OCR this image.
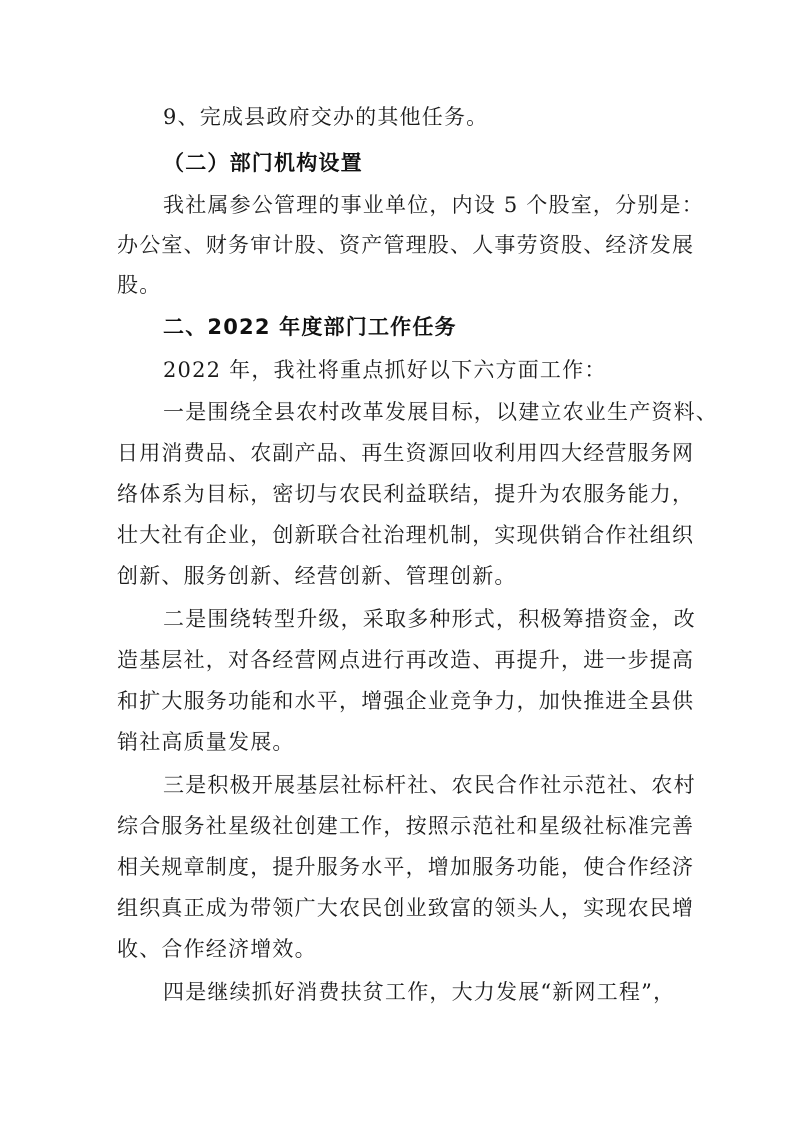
9、完成县政府交办的其他任务。
（二）部门机构设置
我社属参公管理的事业单位，内设 5 个股室，分别是：
办公室、财务审计股、资产管理股、人事劳资股、经济发展
股。
二、2022 年度部门工作任务
2022 年，我社将重点抓好以下六方面工作：
一是围绕全县农村改革发展目标，以建立农业生产资料、
日用消费品、农副产品、再生资源回收利用四大经营服务网
络体系为目标，密切与农民利益联结，提升为农服务能力，
壮大社有企业，创新联合社治理机制，实现供销合作社组织
创新、服务创新、经营创新、管理创新。
二是围绕转型升级，采取多种形式，积极筹措资金，改
造基层社，对各经营网点进行再改造、再提升，进一步提高
和扩大服务功能和水平，增强企业竞争力，加快推进全县供
销社高质量发展。
三是积极开展基层社标杆社、农民合作社示范社、农村
综合服务社星级社创建工作，按照示范社和星级社标准完善
相关规章制度，提升服务水平，增加服务功能，使合作经济
组织真正成为带领广大农民创业致富的领头人，实现农民增
收、合作经济增效。
四是继续抓好消费扶贫工作，大力发展“新网工程”，
